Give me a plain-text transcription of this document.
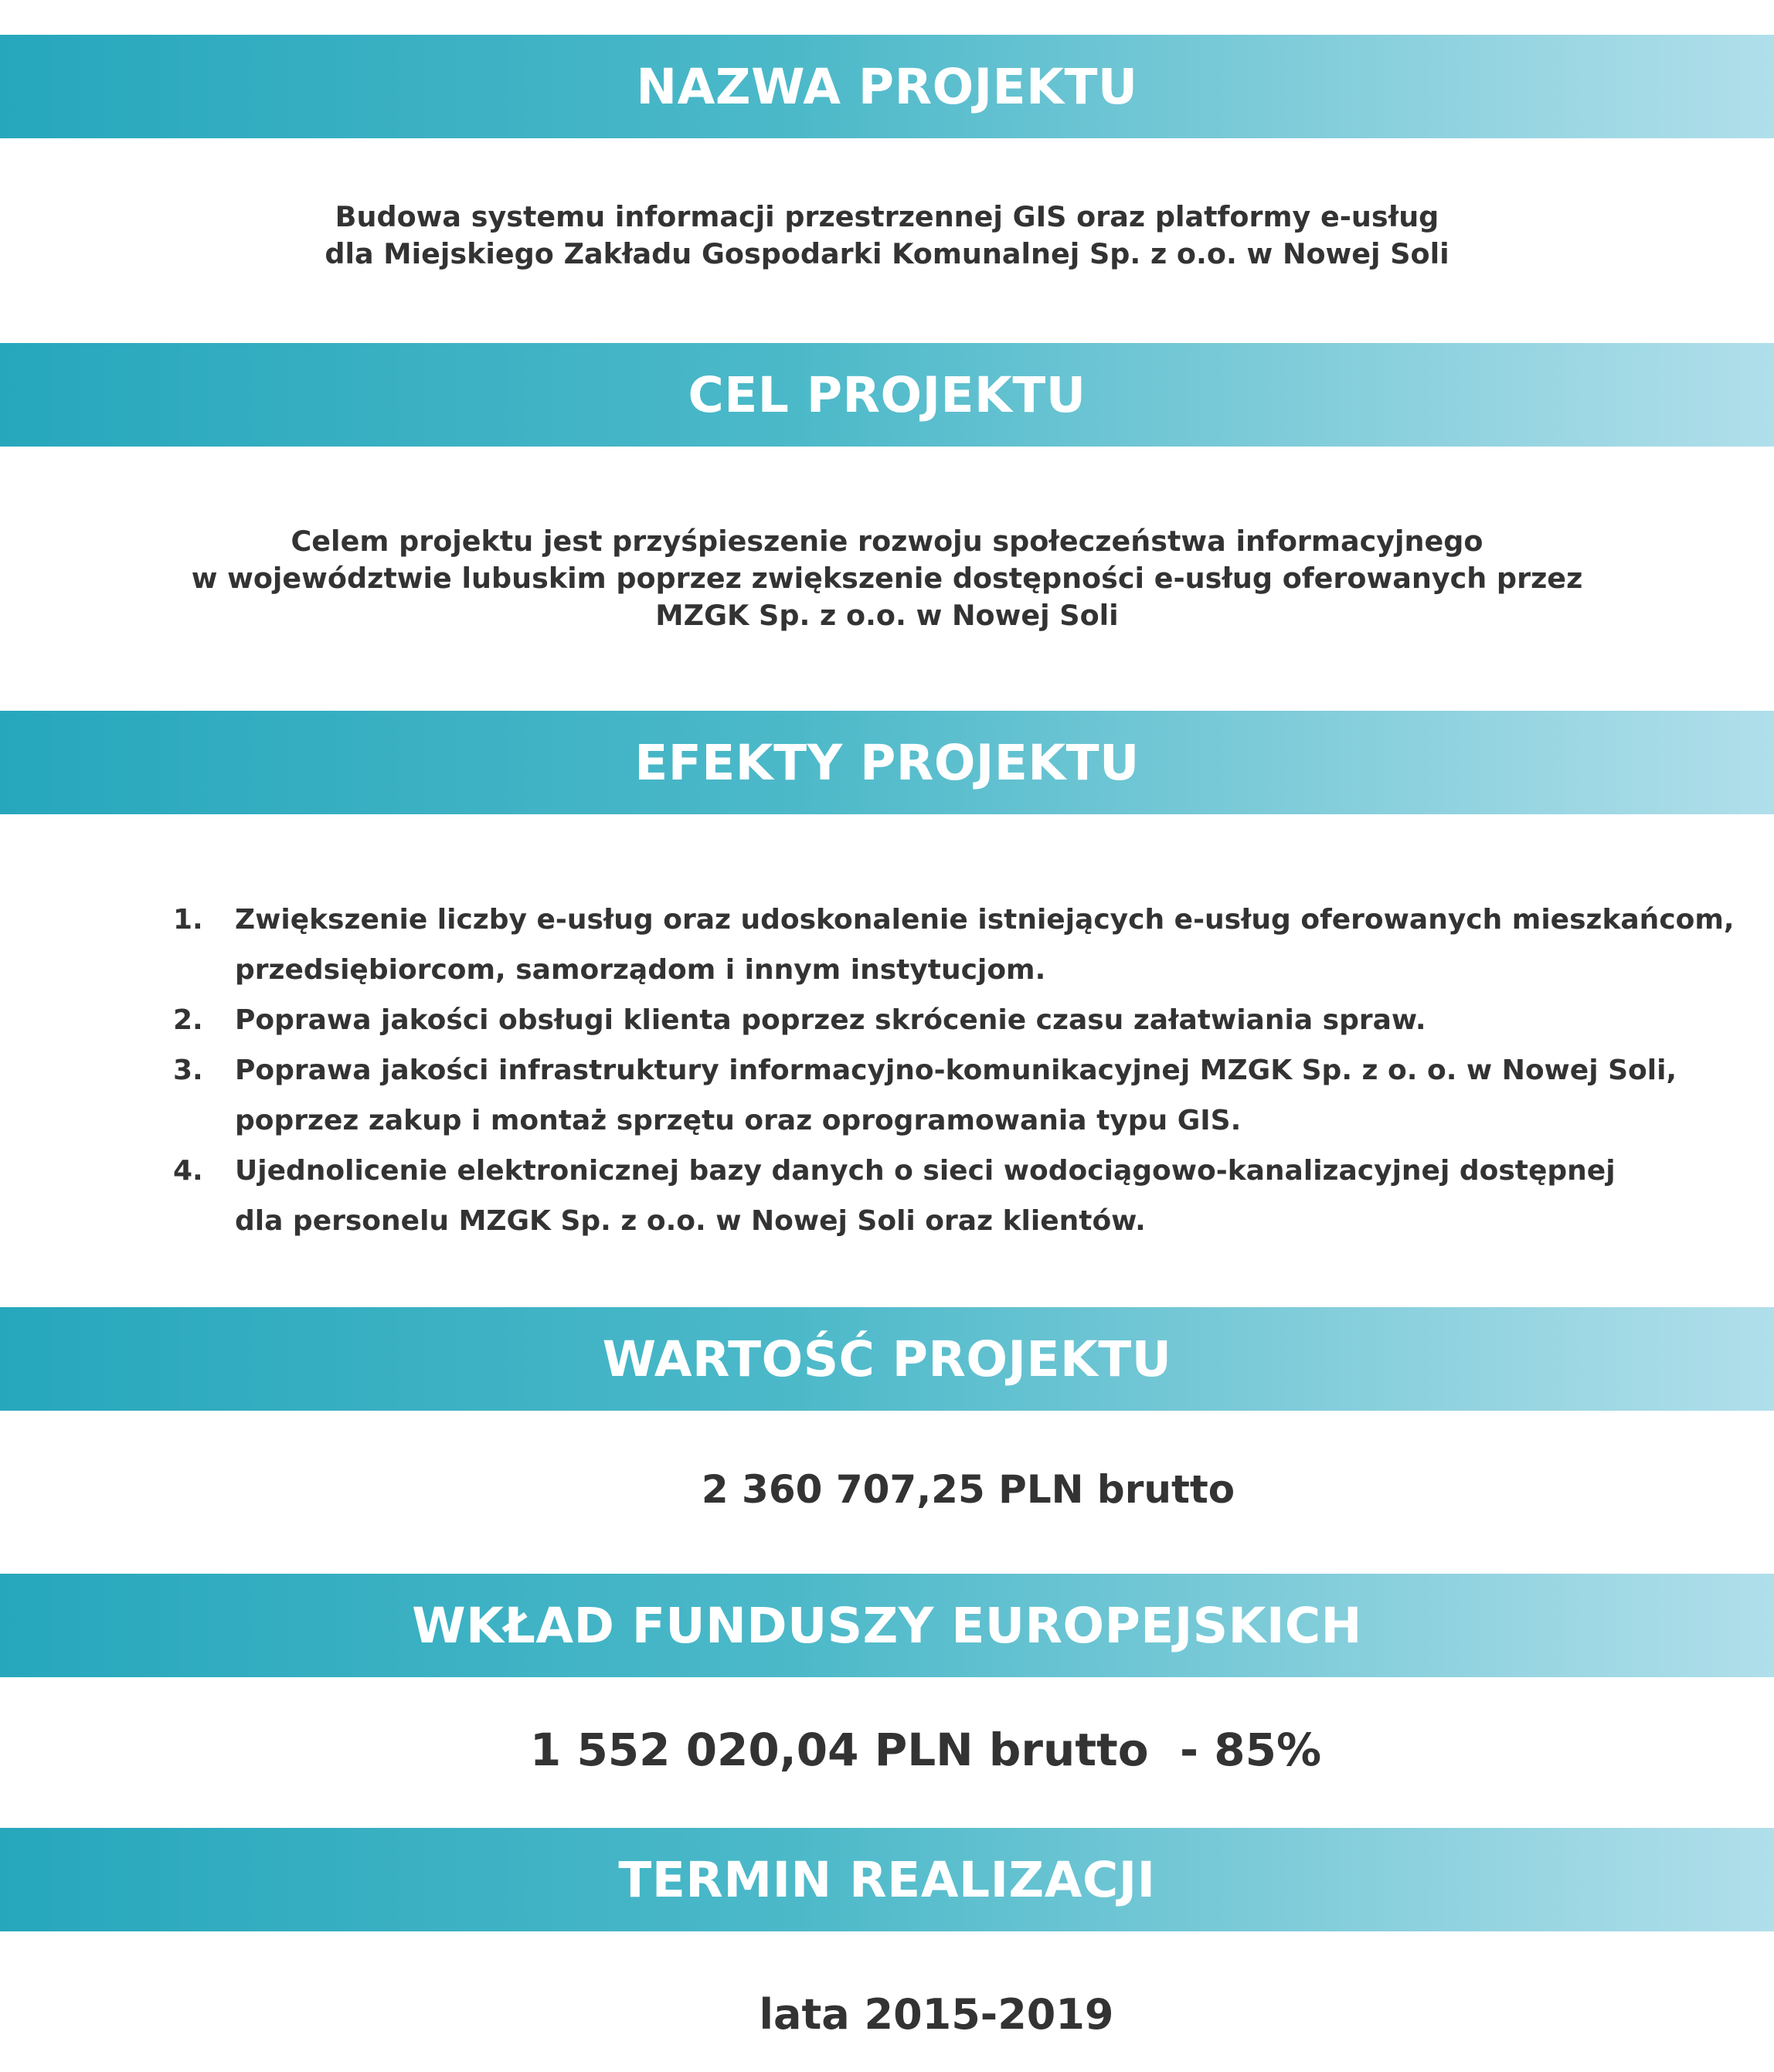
NAZWA PROJEKTU
Budowa systemu informacji przestrzennej GIS oraz platformy e-usług
dla Miejskiego Zakładu Gospodarki Komunalnej Sp. z o.o. w Nowej Soli
CEL PROJEKTU
Celem projektu jest przyśpieszenie rozwoju społeczeństwa informacyjnego
w województwie lubuskim poprzez zwiększenie dostępności e-usług oferowanych przez
MZGK Sp. z o.o. w Nowej Soli
EFEKTY PROJEKTU
1.	Zwiększenie liczby e-usług oraz udoskonalenie istniejących e-usług oferowanych mieszkańcom,
przedsiębiorcom, samorządom i innym instytucjom.
2.	Poprawa jakości obsługi klienta poprzez skrócenie czasu załatwiania spraw.
3.	Poprawa jakości infrastruktury informacyjno-komunikacyjnej MZGK Sp. z o. o. w Nowej Soli,
poprzez zakup i montaż sprzętu oraz oprogramowania typu GIS.
4.	Ujednolicenie elektronicznej bazy danych o sieci wodociągowo-kanalizacyjnej dostępnej
dla personelu MZGK Sp. z o.o. w Nowej Soli oraz klientów.
WARTOŚĆ PROJEKTU
2 360 707,25 PLN brutto
WKŁAD FUNDUSZY EUROPEJSKICH
1 552 020,04 PLN brutto  - 85%
TERMIN REALIZACJI
lata 2015-2019
